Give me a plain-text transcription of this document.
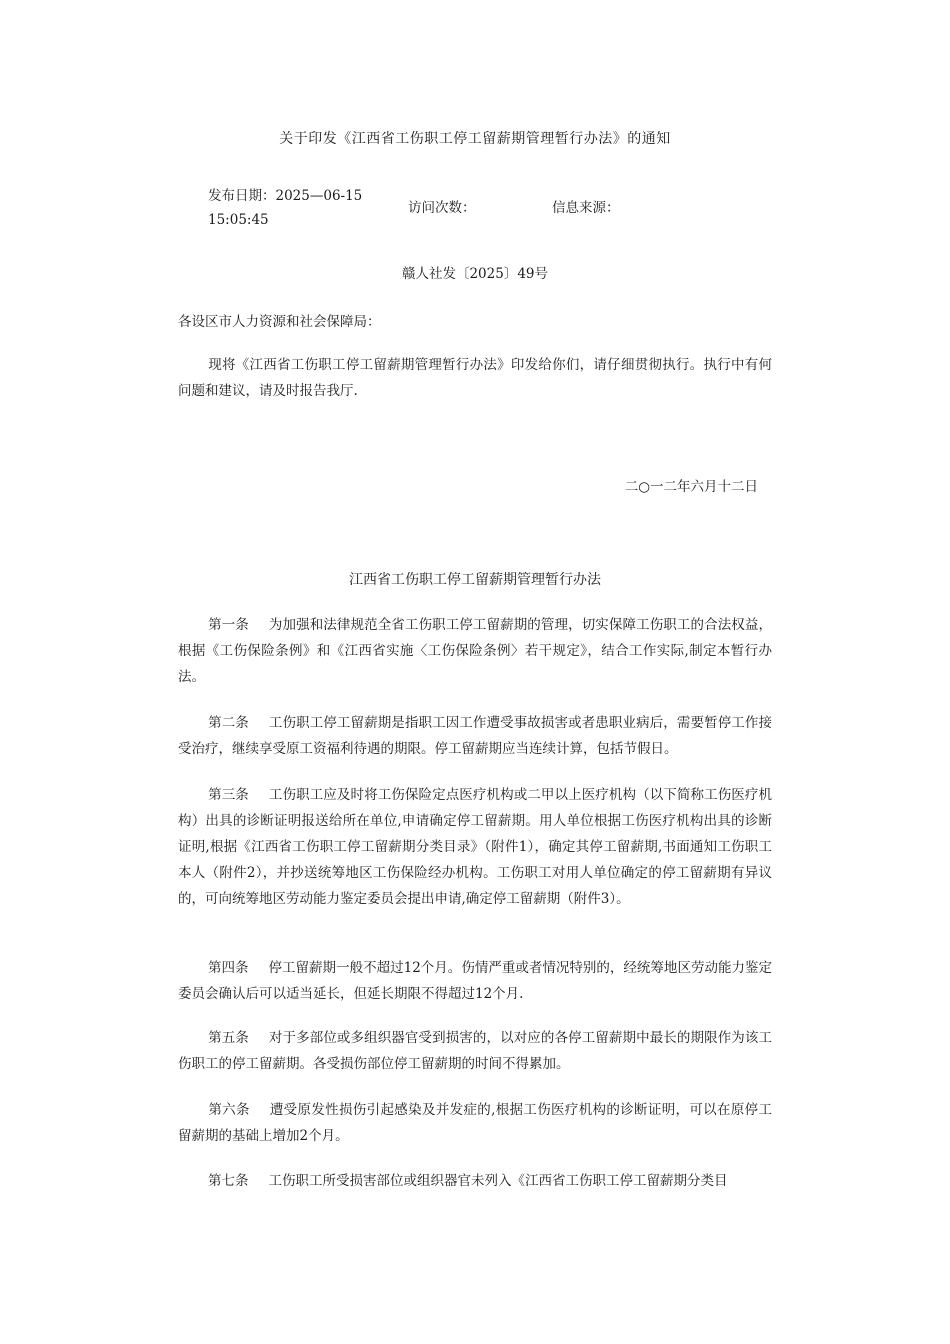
关于印发《江西省工伤职工停工留薪期管理暂行办法》的通知
发布日期：2025—06-15 15:05:45
访问次数：	信息来源：
赣人社发〔2025〕49号
各设区市人力资源和社会保障局：
现将《江西省工伤职工停工留薪期管理暂行办法》印发给你们，请仔细贯彻执行。执行中有何问题和建议，请及时报告我厅.
二○一二年六月十二日
江西省工伤职工停工留薪期管理暂行办法
第一条 为加强和法律规范全省工伤职工停工留薪期的管理，切实保障工伤职工的合法权益，根据《工伤保险条例》和《江西省实施〈工伤保险条例〉若干规定》，结合工作实际,制定本暂行办法。
第二条 工伤职工停工留薪期是指职工因工作遭受事故损害或者患职业病后，需要暂停工作接受治疗，继续享受原工资福利待遇的期限。停工留薪期应当连续计算，包括节假日。
第三条 工伤职工应及时将工伤保险定点医疗机构或二甲以上医疗机构（以下简称工伤医疗机构）出具的诊断证明报送给所在单位,申请确定停工留薪期。用人单位根据工伤医疗机构出具的诊断证明,根据《江西省工伤职工停工留薪期分类目录》（附件1），确定其停工留薪期,书面通知工伤职工本人（附件2），并抄送统筹地区工伤保险经办机构。工伤职工对用人单位确定的停工留薪期有异议的，可向统筹地区劳动能力鉴定委员会提出申请,确定停工留薪期（附件3）。
第四条 停工留薪期一般不超过12个月。伤情严重或者情况特别的，经统筹地区劳动能力鉴定委员会确认后可以适当延长，但延长期限不得超过12个月.
第五条 对于多部位或多组织器官受到损害的，以对应的各停工留薪期中最长的期限作为该工伤职工的停工留薪期。各受损伤部位停工留薪期的时间不得累加。
第六条 遭受原发性损伤引起感染及并发症的,根据工伤医疗机构的诊断证明，可以在原停工留薪期的基础上增加2个月。
第七条 工伤职工所受损害部位或组织器官未列入《江西省工伤职工停工留薪期分类目
